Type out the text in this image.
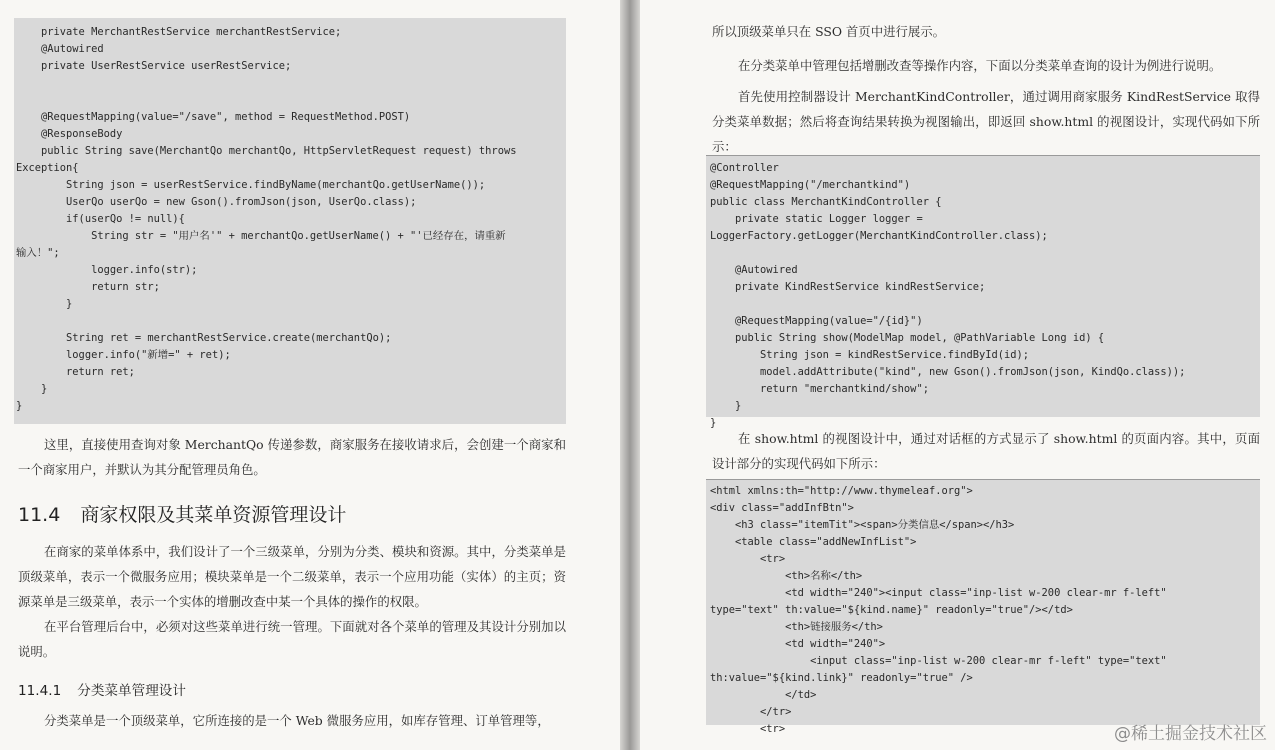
private MerchantRestService merchantRestService;
@Autowired
private UserRestService userRestService;
@RequestMapping(value="/save", method = RequestMethod.POST)
@ResponseBody
public String save(MerchantQo merchantQo, HttpServletRequest request) throws
Exception{
String json = userRestService.findByName(merchantQo.getUserName());
UserQo userQo = new Gson().fromJson(json, UserQo.class);
if(userQo != null){
String str = "用户名'" + merchantQo.getUserName() + "'已经存在，请重新
输入！";
logger.info(str);
return str;
}
String ret = merchantRestService.create(merchantQo);
logger.info("新增=" + ret);
return ret;
}
}
这里，直接使用查询对象 MerchantQo 传递参数，商家服务在接收请求后，会创建一个商家和一个商家用户，并默认为其分配管理员角色。
11.4 商家权限及其菜单资源管理设计
在商家的菜单体系中，我们设计了一个三级菜单，分别为分类、模块和资源。其中，分类菜单是顶级菜单，表示一个微服务应用；模块菜单是一个二级菜单，表示一个应用功能（实体）的主页；资源菜单是三级菜单，表示一个实体的增删改查中某一个具体的操作的权限。
在平台管理后台中，必须对这些菜单进行统一管理。下面就对各个菜单的管理及其设计分别加以说明。
11.4.1 分类菜单管理设计
分类菜单是一个顶级菜单，它所连接的是一个 Web 微服务应用，如库存管理、订单管理等，
所以顶级菜单只在 SSO 首页中进行展示。
在分类菜单中管理包括增删改查等操作内容，下面以分类菜单查询的设计为例进行说明。
首先使用控制器设计 MerchantKindController，通过调用商家服务 KindRestService 取得分类菜单数据；然后将查询结果转换为视图输出，即返回 show.html 的视图设计，实现代码如下所示：
@Controller
@RequestMapping("/merchantkind")
public class MerchantKindController {
private static Logger logger =
LoggerFactory.getLogger(MerchantKindController.class);
@Autowired
private KindRestService kindRestService;
@RequestMapping(value="/{id}")
public String show(ModelMap model, @PathVariable Long id) {
String json = kindRestService.findById(id);
model.addAttribute("kind", new Gson().fromJson(json, KindQo.class));
return "merchantkind/show";
}
}
在 show.html 的视图设计中，通过对话框的方式显示了 show.html 的页面内容。其中，页面设计部分的实现代码如下所示：
<html xmlns:th="http://www.thymeleaf.org">
<div class="addInfBtn">
<h3 class="itemTit"><span>分类信息</span></h3>
<table class="addNewInfList">
<tr>
<th>名称</th>
<td width="240"><input class="inp-list w-200 clear-mr f-left"
type="text" th:value="${kind.name}" readonly="true"/></td>
<th>链接服务</th>
<td width="240">
<input class="inp-list w-200 clear-mr f-left" type="text"
th:value="${kind.link}" readonly="true" />
</td>
</tr>
<tr>	@稀土掘金技术社区
